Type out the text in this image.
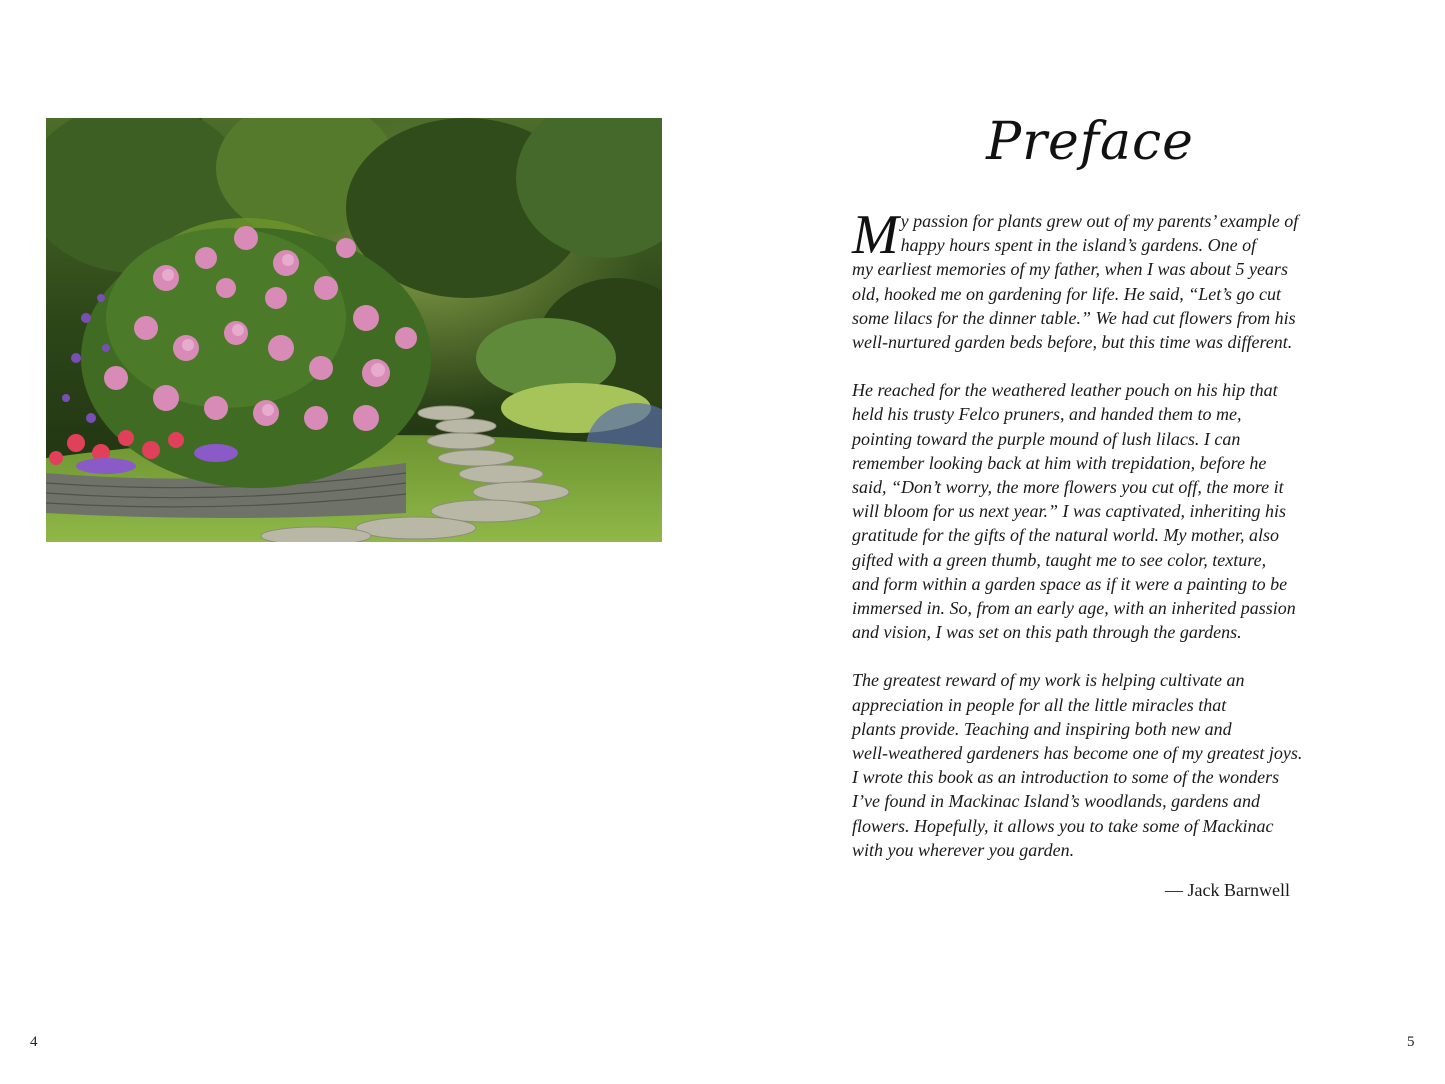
4
Preface

My passion for plants grew out of my parents’ example of happy hours spent in the island’s gardens. One of
my earliest memories of my father, when I was about 5 years
old, hooked me on gardening for life. He said, “Let’s go cut
some lilacs for the dinner table.” We had cut flowers from his
well-nurtured garden beds before, but this time was different.

He reached for the weathered leather pouch on his hip that
held his trusty Felco pruners, and handed them to me,
pointing toward the purple mound of lush lilacs. I can
remember looking back at him with trepidation, before he
said, “Don’t worry, the more flowers you cut off, the more it
will bloom for us next year.” I was captivated, inheriting his
gratitude for the gifts of the natural world. My mother, also
gifted with a green thumb, taught me to see color, texture,
and form within a garden space as if it were a painting to be
immersed in. So, from an early age, with an inherited passion
and vision, I was set on this path through the gardens.

The greatest reward of my work is helping cultivate an
appreciation in people for all the little miracles that
plants provide. Teaching and inspiring both new and
well-weathered gardeners has become one of my greatest joys.
I wrote this book as an introduction to some of the wonders
I’ve found in Mackinac Island’s woodlands, gardens and
flowers. Hopefully, it allows you to take some of Mackinac
with you wherever you garden.

— Jack Barnwell
5
